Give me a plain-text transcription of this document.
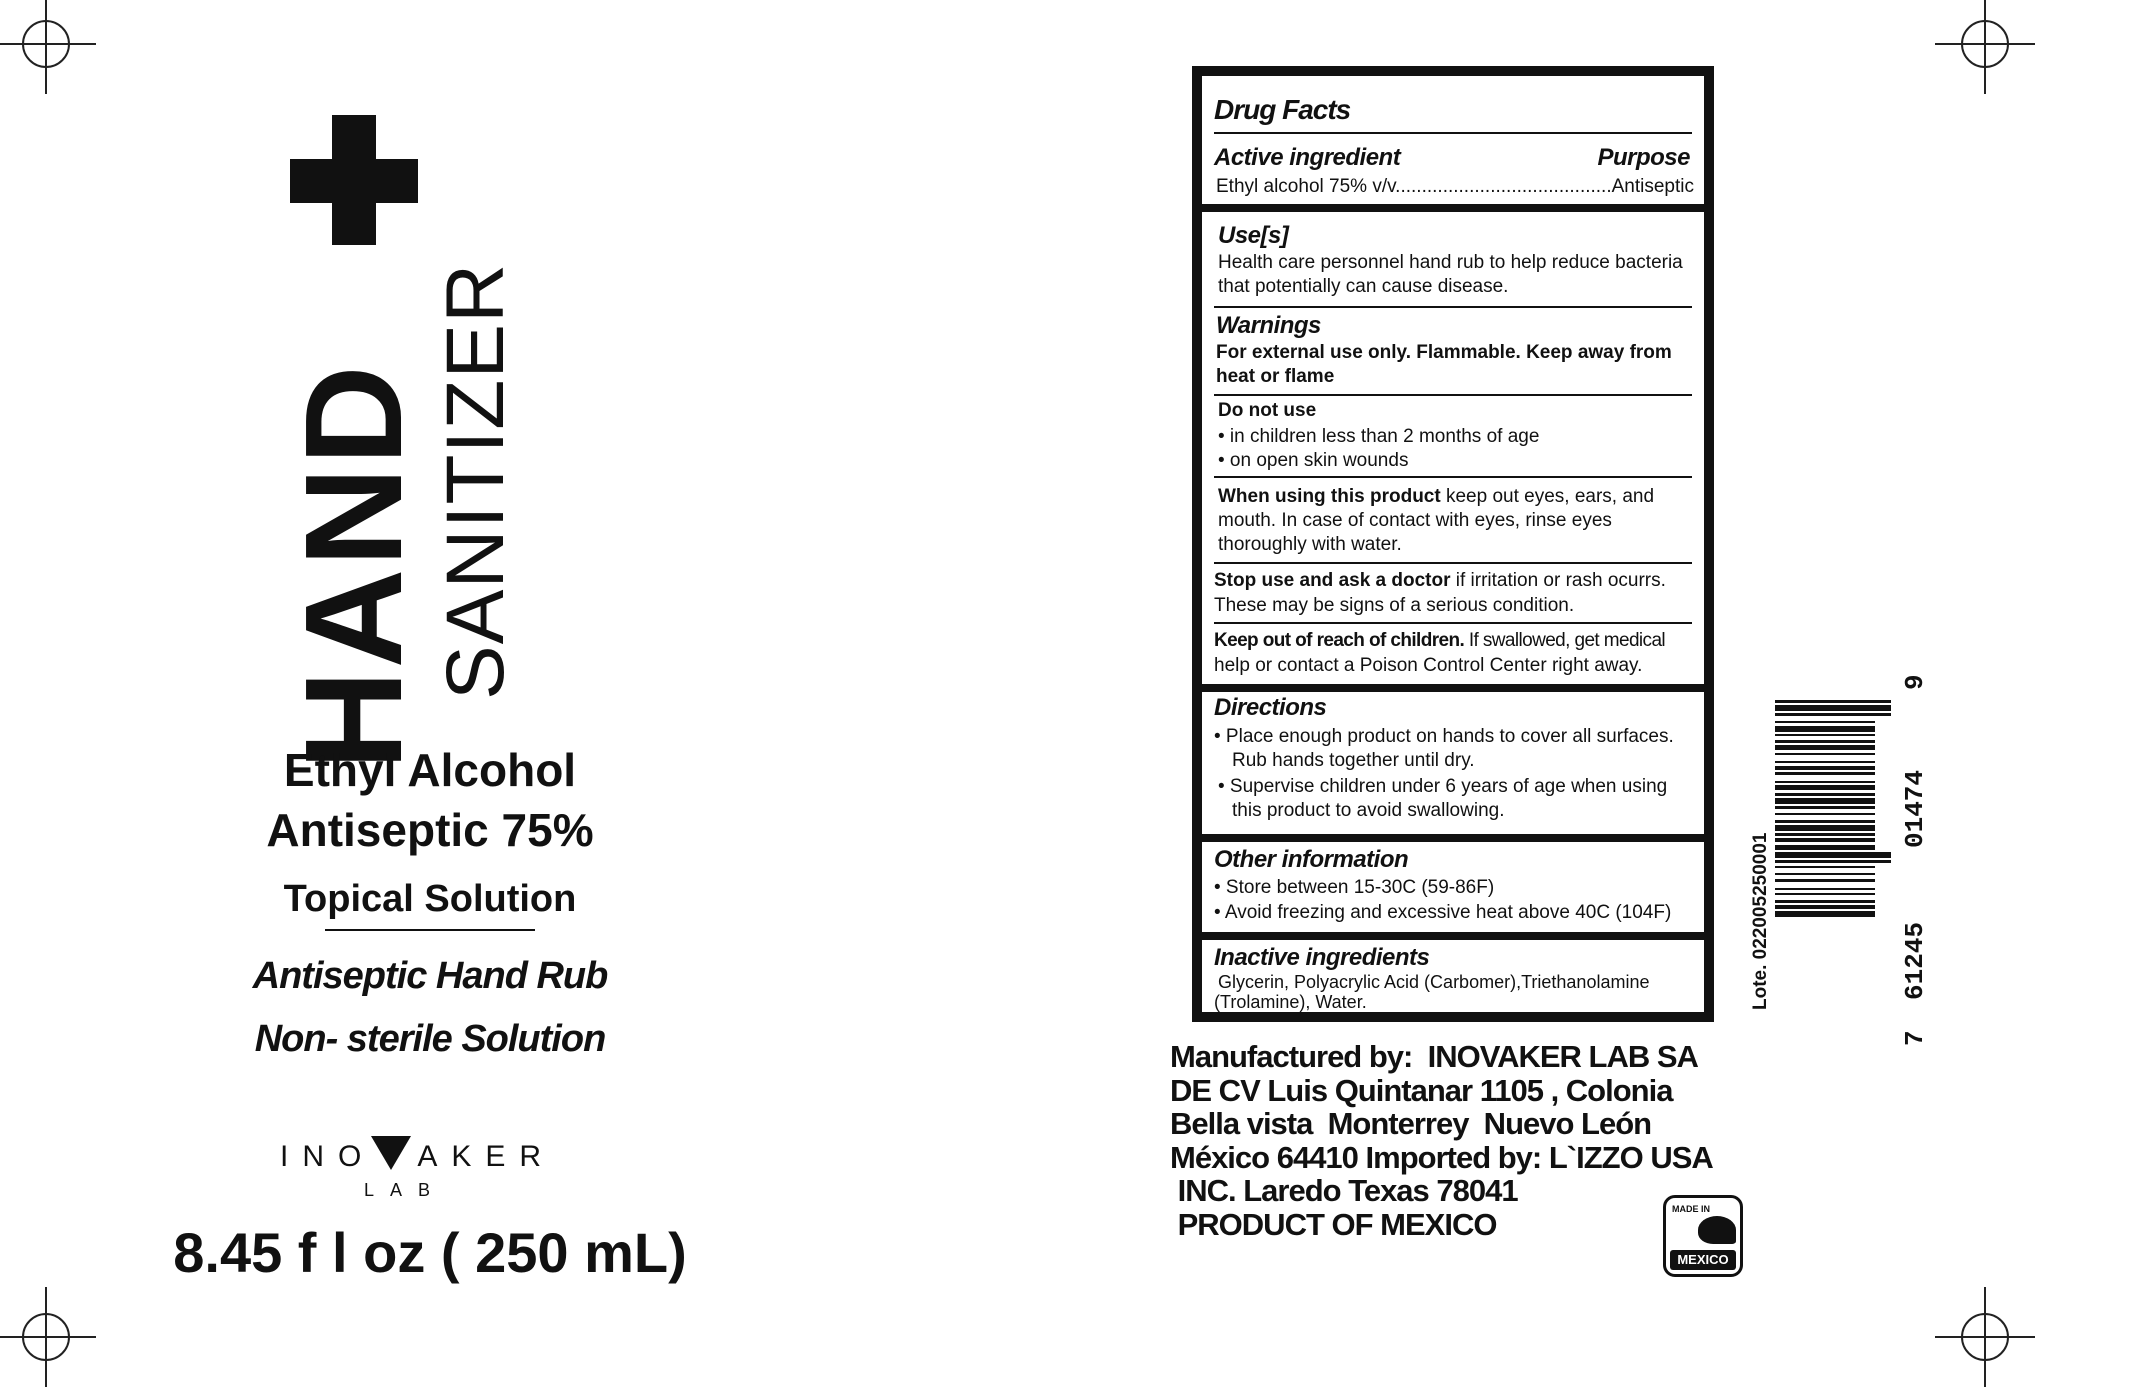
HAND SANITIZER
Ethyl Alcohol
Antiseptic 75%
Topical Solution
Antiseptic Hand Rub
Non- sterile Solution
INO AKER
LAB
8.45 f l oz ( 250 mL)
Drug Facts
Active ingredient	Purpose
Ethyl alcohol 75% v/v.........................................Antiseptic
Use[s]
Health care personnel hand rub to help reduce bacteria
that potentially can cause disease.
Warnings
For external use only. Flammable. Keep away from
heat or flame
Do not use
• in children less than 2 months of age
• on open skin wounds
When using this product keep out eyes, ears, and
mouth. In case of contact with eyes, rinse eyes
thoroughly with water.
Stop use and ask a doctor if irritation or rash ocurrs.
These may be signs of a serious condition.
Keep out of reach of children. If swallowed, get medical
help or contact a Poison Control Center right away.
Directions
• Place enough product on hands to cover all surfaces.
Rub hands together until dry.
• Supervise children under 6 years of age when using
this product to avoid swallowing.
Other information
• Store between 15-30C (59-86F)
• Avoid freezing and excessive heat above 40C (104F)
Inactive ingredients
Glycerin, Polyacrylic Acid (Carbomer),Triethanolamine
(Trolamine), Water.
Manufactured by:  INOVAKER LAB SA
DE CV Luis Quintanar 1105 , Colonia
Bella vista  Monterrey  Nuevo León
México 64410 Imported by: L`IZZO USA
INC. Laredo Texas 78041
PRODUCT OF MEXICO	MADE IN
MEXICO
Lote. 022005250001
7
61245
01474
9
